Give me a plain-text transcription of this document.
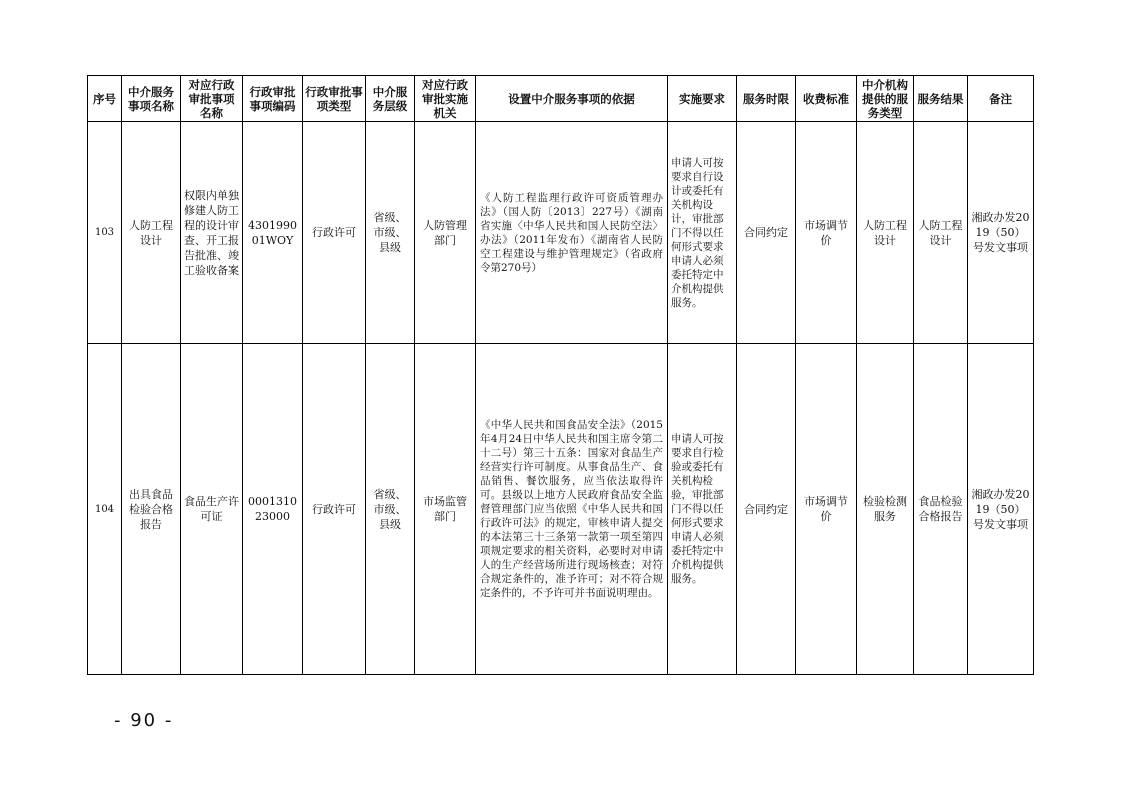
序号	中介服务事项名称	对应行政审批事项名称	行政审批事项编码	行政审批事项类型	中介服务层级	对应行政审批实施机关	设置中介服务事项的依据	实施要求	服务时限	收费标准	中介机构提供的服务类型	服务结果	备注
103	人防工程设计	权限内单独修建人防工程的设计审查、开工报告批准、竣工验收备案	430199001WOY	行政许可	省级、市级、县级	人防管理部门	《人防工程监理行政许可资质管理办法》（国人防〔2013〕227号）《湖南省实施〈中华人民共和国人民防空法〉办法》（2011年发布）《湖南省人民防空工程建设与维护管理规定》（省政府令第270号）	申请人可按要求自行设计或委托有关机构设计，审批部门不得以任何形式要求申请人必须委托特定中介机构提供服务。	合同约定	市场调节价	人防工程设计	人防工程设计	湘政办发2019（50）号发文事项
104	出具食品检验合格报告	食品生产许可证	000131023000	行政许可	省级、市级、县级	市场监管部门	《中华人民共和国食品安全法》（2015年4月24日中华人民共和国主席令第二十二号）第三十五条：国家对食品生产经营实行许可制度。从事食品生产、食品销售、餐饮服务，应当依法取得许可。县级以上地方人民政府食品安全监督管理部门应当依照《中华人民共和国行政许可法》的规定，审核申请人提交的本法第三十三条第一款第一项至第四项规定要求的相关资料，必要时对申请人的生产经营场所进行现场核查；对符合规定条件的，准予许可；对不符合规定条件的，不予许可并书面说明理由。	申请人可按要求自行检验或委托有关机构检验，审批部门不得以任何形式要求申请人必须委托特定中介机构提供服务。	合同约定	市场调节价	检验检测服务	食品检验合格报告	湘政办发2019（50）号发文事项
- 90 -
